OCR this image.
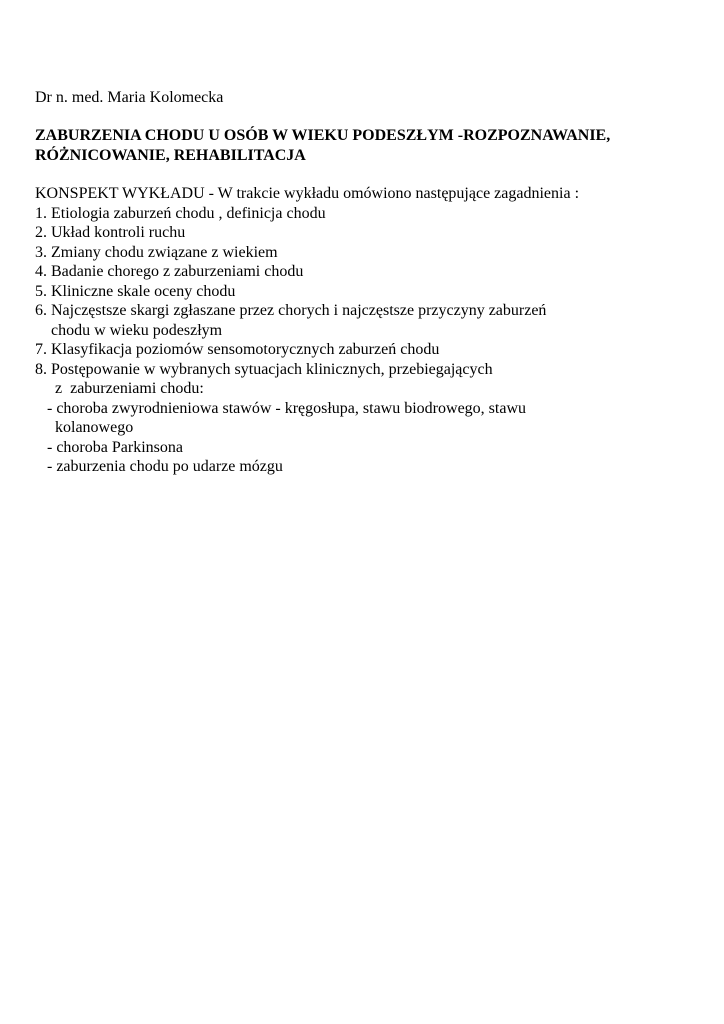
Dr n. med. Maria Kolomecka
ZABURZENIA CHODU U OSÓB W WIEKU PODESZŁYM -ROZPOZNAWANIE,
RÓŻNICOWANIE, REHABILITACJA
KONSPEKT WYKŁADU - W trakcie wykładu omówiono następujące zagadnienia :
1. Etiologia zaburzeń chodu , definicja chodu
2. Układ kontroli ruchu
3. Zmiany chodu związane z wiekiem
4. Badanie chorego z zaburzeniami chodu
5. Kliniczne skale oceny chodu
6. Najczęstsze skargi zgłaszane przez chorych i najczęstsze przyczyny zaburzeń
chodu w wieku podeszłym
7. Klasyfikacja poziomów sensomotorycznych zaburzeń chodu
8. Postępowanie w wybranych sytuacjach klinicznych, przebiegających
z  zaburzeniami chodu:
- choroba zwyrodnieniowa stawów - kręgosłupa, stawu biodrowego, stawu
kolanowego
- choroba Parkinsona
- zaburzenia chodu po udarze mózgu
